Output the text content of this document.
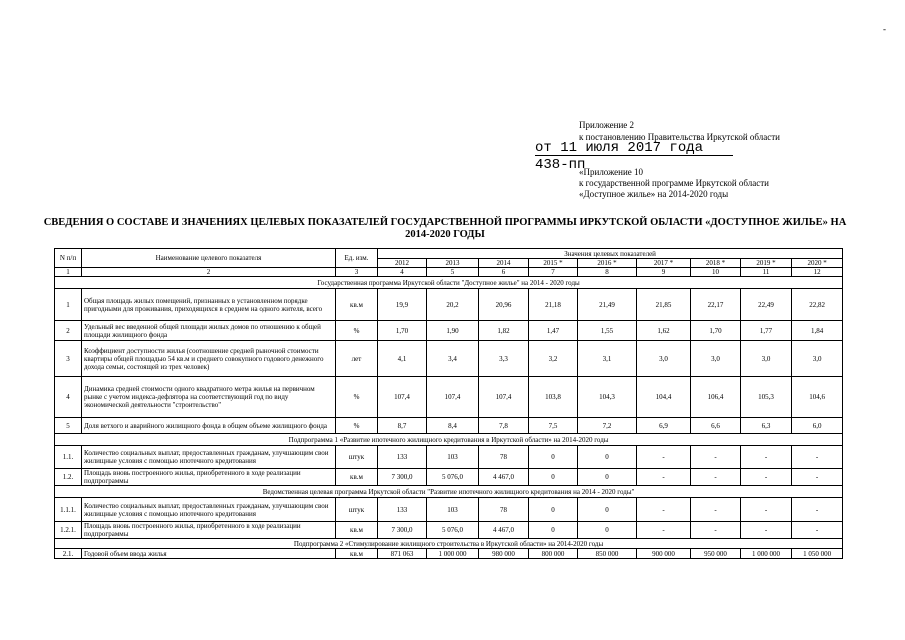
Приложение 2
к постановлению Правительства Иркутской области
от 11 июля 2017 года
438-пп
«Приложение 10
к государственной программе Иркутской области «Доступное жилье» на 2014-2020 годы
-
СВЕДЕНИЯ О СОСТАВЕ И ЗНАЧЕНИЯХ ЦЕЛЕВЫХ ПОКАЗАТЕЛЕЙ ГОСУДАРСТВЕННОЙ ПРОГРАММЫ ИРКУТСКОЙ ОБЛАСТИ «ДОСТУПНОЕ ЖИЛЬЕ» НА 2014-2020 ГОДЫ
N п/п	Наименование целевого показателя	Ед. изм.	Значения целевых показателей								
			2012	2013	2014	2015 *	2016 *	2017 *	2018 *	2019 *	2020 *
1	2	3	4	5	6	7	8	9	10	11	12
Государственная программа Иркутской области "Доступное жилье" на 2014 - 2020 годы											
1	Общая площадь жилых помещений, признанных в установленном порядке пригодными для проживания, приходящихся в среднем на одного жителя, всего	кв.м	19,9	20,2	20,96	21,18	21,49	21,85	22,17	22,49	22,82
2	Удельный вес введенной общей площади жилых домов по отношению к общей площади жилищного фонда	%	1,70	1,90	1,82	1,47	1,55	1,62	1,70	1,77	1,84
3	Коэффициент доступности жилья (соотношение средней рыночной стоимости квартиры общей площадью 54 кв.м и среднего совокупного годового денежного дохода семьи, состоящей из трех человек)	лет	4,1	3,4	3,3	3,2	3,1	3,0	3,0	3,0	3,0
4	Динамика средней стоимости одного квадратного метра жилья на первичном рынке с учетом индекса-дефлятора на соответствующий год по виду экономической деятельности "строительство"	%	107,4	107,4	107,4	103,8	104,3	104,4	106,4	105,3	104,6
5	Доля ветхого и аварийного жилищного фонда в общем объеме жилищного фонда	%	8,7	8,4	7,8	7,5	7,2	6,9	6,6	6,3	6,0
Подпрограмма 1 «Развитие ипотечного жилищного кредитования в Иркутской области» на 2014-2020 годы											
1.1.	Количество социальных выплат, предоставленных гражданам, улучшающим свои жилищные условия с помощью ипотечного кредитования	штук	133	103	78	0	0	-	-	-	-
1.2.	Площадь вновь построенного жилья, приобретенного в ходе реализации подпрограммы	кв.м	7 300,0	5 076,0	4 467,0	0	0	-	-	-	-
Ведомственная целевая программа Иркутской области "Развитие ипотечного жилищного кредитования на 2014 - 2020 годы"											
1.1.1.	Количество социальных выплат, предоставленных гражданам, улучшающим свои жилищные условия с помощью ипотечного кредитования	штук	133	103	78	0	0	-	-	-	-
1.2.1.	Площадь вновь построенного жилья, приобретенного в ходе реализации подпрограммы	кв.м	7 300,0	5 076,0	4 467,0	0	0	-	-	-	-
Подпрограмма 2 «Стимулирование жилищного строительства в Иркутской области» на 2014-2020 годы											
2.1.	Годовой объем ввода жилья	кв.м	871 063	1 000 000	980 000	800 000	850 000	900 000	950 000	1 000 000	1 050 000
